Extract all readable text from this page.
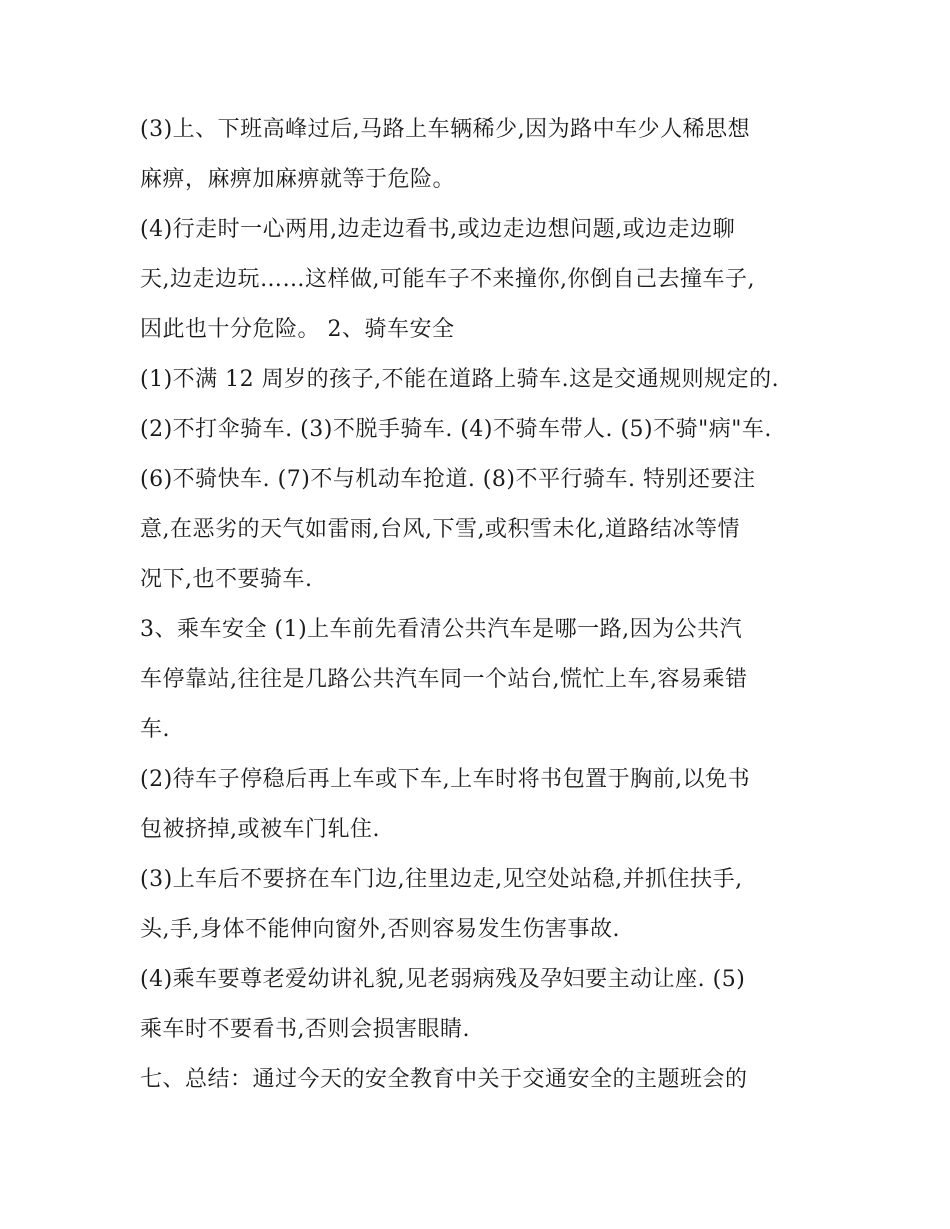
(3)上、下班高峰过后,马路上车辆稀少,因为路中车少人稀思想
麻痹，麻痹加麻痹就等于危险。
(4)行走时一心两用,边走边看书,或边走边想问题,或边走边聊
天,边走边玩……这样做,可能车子不来撞你,你倒自己去撞车子,
因此也十分危险。 2、骑车安全
(1)不满 12 周岁的孩子,不能在道路上骑车.这是交通规则规定的.
(2)不打伞骑车. (3)不脱手骑车. (4)不骑车带人. (5)不骑"病"车.
(6)不骑快车. (7)不与机动车抢道. (8)不平行骑车. 特别还要注
意,在恶劣的天气如雷雨,台风,下雪,或积雪未化,道路结冰等情
况下,也不要骑车.
3、乘车安全 (1)上车前先看清公共汽车是哪一路,因为公共汽
车停靠站,往往是几路公共汽车同一个站台,慌忙上车,容易乘错
车.
(2)待车子停稳后再上车或下车,上车时将书包置于胸前,以免书
包被挤掉,或被车门轧住.
(3)上车后不要挤在车门边,往里边走,见空处站稳,并抓住扶手,
头,手,身体不能伸向窗外,否则容易发生伤害事故.
(4)乘车要尊老爱幼讲礼貌,见老弱病残及孕妇要主动让座. (5)
乘车时不要看书,否则会损害眼睛.
七、总结：通过今天的安全教育中关于交通安全的主题班会的
